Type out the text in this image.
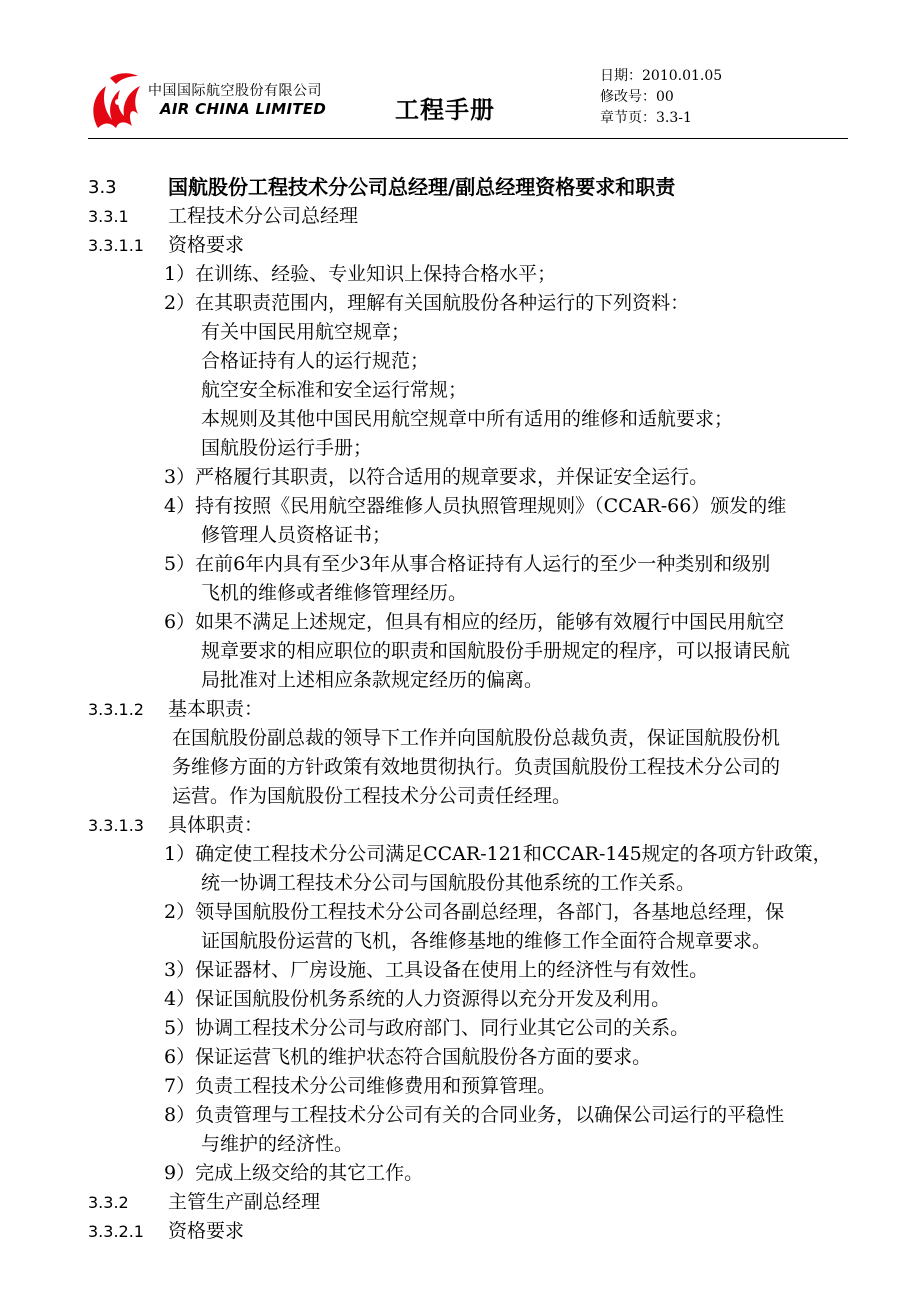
中国国际航空股份有限公司
AIR CHINA LIMITED	工程手册
日期：2010.01.05
修改号：00
章节页：3.3-1
3.3	国航股份工程技术分公司总经理/副总经理资格要求和职责
3.3.1 工程技术分公司总经理
3.3.1.1 资格要求
1）在训练、经验、专业知识上保持合格水平；
2）在其职责范围内，理解有关国航股份各种运行的下列资料：
有关中国民用航空规章；
合格证持有人的运行规范；
航空安全标准和安全运行常规；
本规则及其他中国民用航空规章中所有适用的维修和适航要求；
国航股份运行手册；
3）严格履行其职责，以符合适用的规章要求，并保证安全运行。
4）持有按照《民用航空器维修人员执照管理规则》（CCAR-66）颁发的维
修管理人员资格证书；
5）在前6年内具有至少3年从事合格证持有人运行的至少一种类别和级别
飞机的维修或者维修管理经历。
6）如果不满足上述规定，但具有相应的经历，能够有效履行中国民用航空
规章要求的相应职位的职责和国航股份手册规定的程序，可以报请民航
局批准对上述相应条款规定经历的偏离。
3.3.1.2 基本职责：
在国航股份副总裁的领导下工作并向国航股份总裁负责，保证国航股份机
务维修方面的方针政策有效地贯彻执行。负责国航股份工程技术分公司的
运营。作为国航股份工程技术分公司责任经理。
3.3.1.3 具体职责：
1）确定使工程技术分公司满足CCAR-121和CCAR-145规定的各项方针政策，
统一协调工程技术分公司与国航股份其他系统的工作关系。
2）领导国航股份工程技术分公司各副总经理，各部门，各基地总经理，保
证国航股份运营的飞机，各维修基地的维修工作全面符合规章要求。
3）保证器材、厂房设施、工具设备在使用上的经济性与有效性。
4）保证国航股份机务系统的人力资源得以充分开发及利用。
5）协调工程技术分公司与政府部门、同行业其它公司的关系。
6）保证运营飞机的维护状态符合国航股份各方面的要求。
7）负责工程技术分公司维修费用和预算管理。
8）负责管理与工程技术分公司有关的合同业务，以确保公司运行的平稳性
与维护的经济性。
9）完成上级交给的其它工作。
3.3.2 主管生产副总经理
3.3.2.1 资格要求
